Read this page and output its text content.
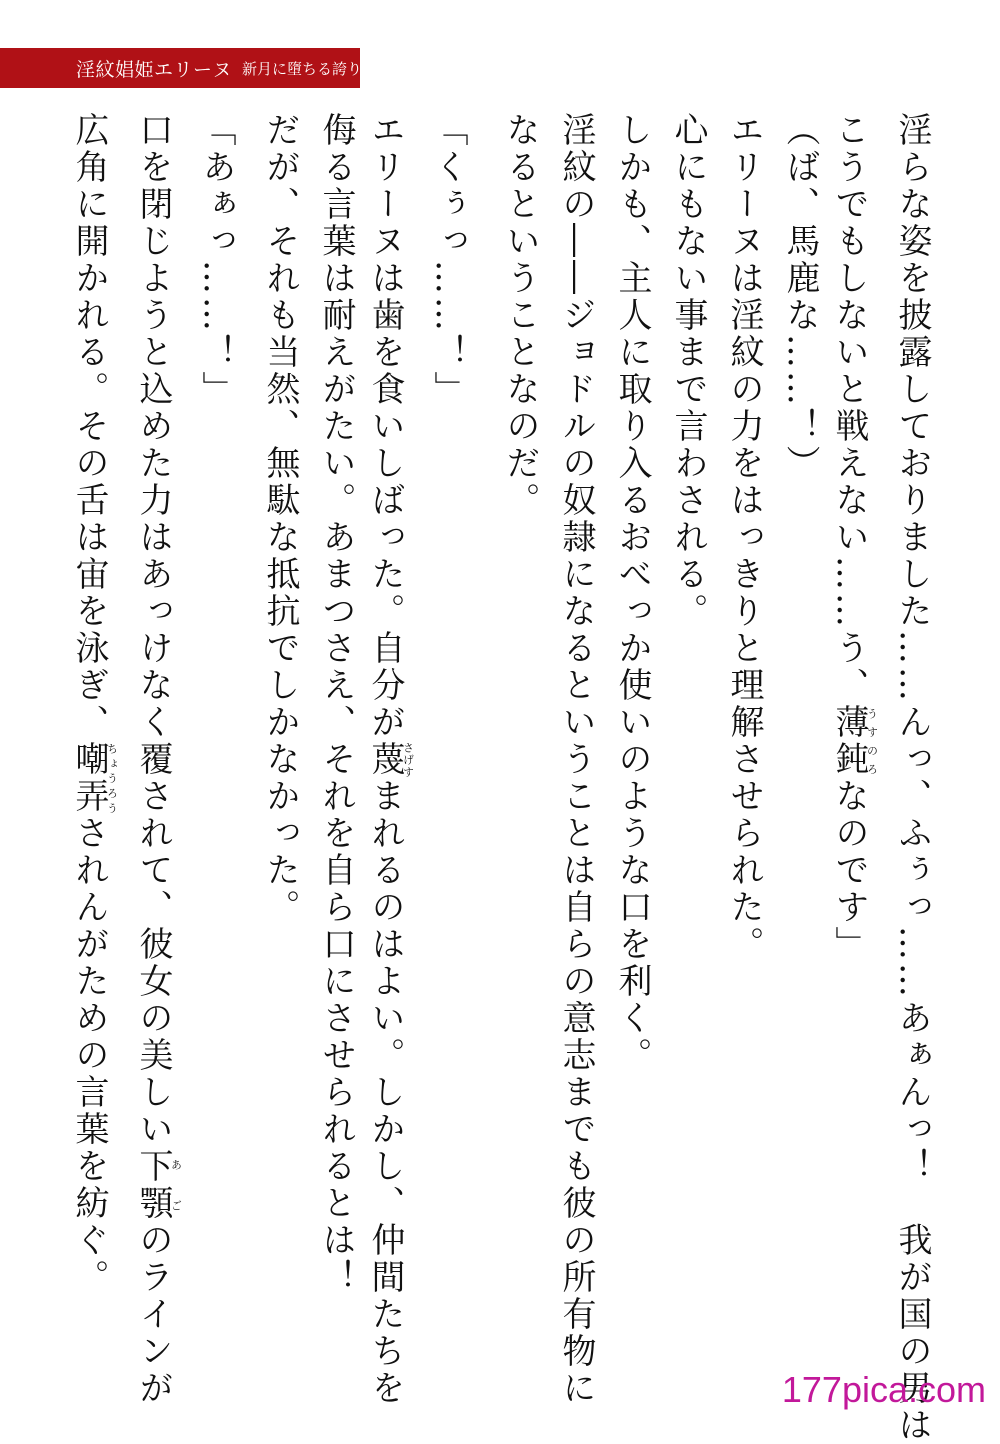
淫紋娼姫エリーヌ 新月に墮ちる誇り
淫らな姿を披露しておりました……んっ、ふぅっ……あぁんっ！　我が国の男は
こうでもしないと戦えない……う、薄鈍うすのろなのです」
（ば、馬鹿な……！）
エリーヌは淫紋の力をはっきりと理解させられた。
心にもない事まで言わされる。
しかも、主人に取り入るおべっか使いのような口を利く。
淫紋の――ジョドルの奴隷になるということは自らの意志までも彼の所有物に
なるということなのだ。
「くぅっ……！」
エリーヌは歯を食いしばった。自分が蔑さげすまれるのはよい。しかし、仲間たちを
侮る言葉は耐えがたい。あまつさえ、それを自ら口にさせられるとは！
だが、それも当然、無駄な抵抗でしかなかった。
「あぁっ……！」
口を閉じようと込めた力はあっけなく覆されて、彼女の美しい下顎あごのラインが
広角に開かれる。その舌は宙を泳ぎ、嘲弄ちょうろうされんがための言葉を紡ぐ。
177pica.com
